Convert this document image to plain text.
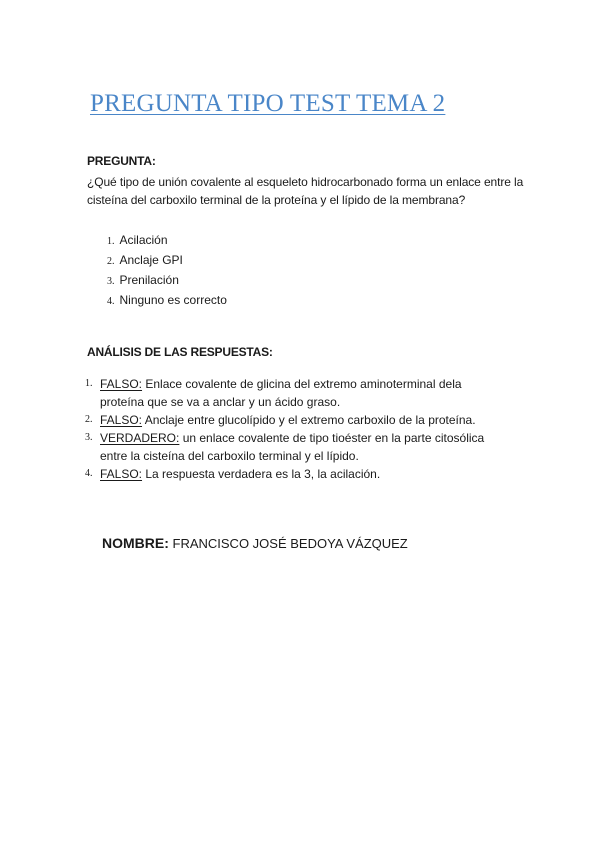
PREGUNTA TIPO TEST TEMA 2
PREGUNTA:

¿Qué tipo de unión covalente al esqueleto hidrocarbonado forma un enlace entre la cisteína del carboxilo terminal de la proteína y el lípido de la membrana?

1. Acilación
2. Anclaje GPI
3. Prenilación
4. Ninguno es correcto
ANÁLISIS DE LAS RESPUESTAS:
1. FALSO: Enlace covalente de glicina del extremo aminoterminal dela proteína que se va a anclar y un ácido graso.
2. FALSO: Anclaje entre glucolípido y el extremo carboxilo de la proteína.
3. VERDADERO: un enlace covalente de tipo tioéster en la parte citosólica entre la cisteína del carboxilo terminal y el lípido.
4. FALSO: La respuesta verdadera es la 3, la acilación.

NOMBRE: FRANCISCO JOSÉ BEDOYA VÁZQUEZ
